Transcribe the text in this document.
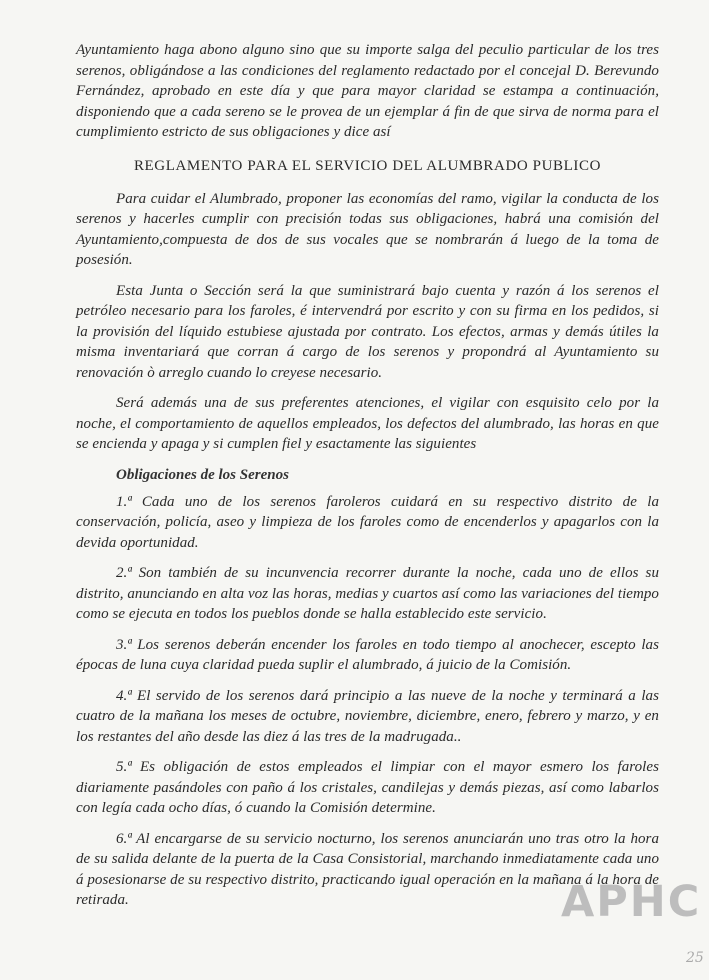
Ayuntamiento haga abono alguno sino que su importe salga del peculio particular de los tres serenos, obligándose a las condiciones del reglamento redactado por el concejal D. Berevundo Fernández, aprobado en este día y que para mayor claridad se estampa a continuación, disponiendo que a cada sereno se le provea de un ejemplar á fin de que sirva de norma para el cumplimiento estricto de sus obligaciones y dice así

REGLAMENTO PARA EL SERVICIO DEL ALUMBRADO PUBLICO

Para cuidar el Alumbrado, proponer las economías del ramo, vigilar la conducta de los serenos y hacerles cumplir con precisión todas sus obligaciones, habrá una comisión del Ayuntamiento,compuesta de dos de sus vocales que se nombrarán á luego de la toma de posesión.

Esta Junta o Sección será la que suministrará bajo cuenta y razón á los serenos el petróleo necesario para los faroles, é intervendrá por escrito y con su firma en los pedidos, si la provisión del líquido estubiese ajustada por contrato. Los efectos, armas y demás útiles la misma inventariará que corran á cargo de los serenos y propondrá al Ayuntamiento su renovación ò arreglo cuando lo creyese necesario.

Será además una de sus preferentes atenciones, el vigilar con esquisito celo por la noche, el comportamiento de aquellos empleados, los defectos del alumbrado, las horas en que se encienda y apaga y si cumplen fiel y esactamente las siguientes

Obligaciones de los Serenos

1.ª Cada uno de los serenos faroleros cuidará en su respectivo distrito de la conservación, policía, aseo y limpieza de los faroles como de encenderlos y apagarlos con la devida oportunidad.

2.ª Son también de su incunvencia recorrer durante la noche, cada uno de ellos su distrito, anunciando en alta voz las horas, medias y cuartos así como las variaciones del tiempo como se ejecuta en todos los pueblos donde se halla establecido este servicio.

3.ª Los serenos deberán encender los faroles en todo tiempo al anochecer, escepto las épocas de luna cuya claridad pueda suplir el alumbrado, á juicio de la Comisión.

4.ª El servido de los serenos dará principio a las nueve de la noche y terminará a las cuatro de la mañana los meses de octubre, noviembre, diciembre, enero, febrero y marzo, y en los restantes del año desde las diez á las tres de la madrugada..

5.ª Es obligación de estos empleados el limpiar con el mayor esmero los faroles diariamente pasándoles con paño á los cristales, candilejas y demás piezas, así como labarlos con legía cada ocho días, ó cuando la Comisión determine.

6.ª Al encargarse de su servicio nocturno, los serenos anunciarán uno tras otro la hora de su salida delante de la puerta de la Casa Consistorial, marchando inmediatamente cada uno á posesionarse de su respectivo distrito, practicando igual operación en la mañana á la hora de retirada.	APHC
25
